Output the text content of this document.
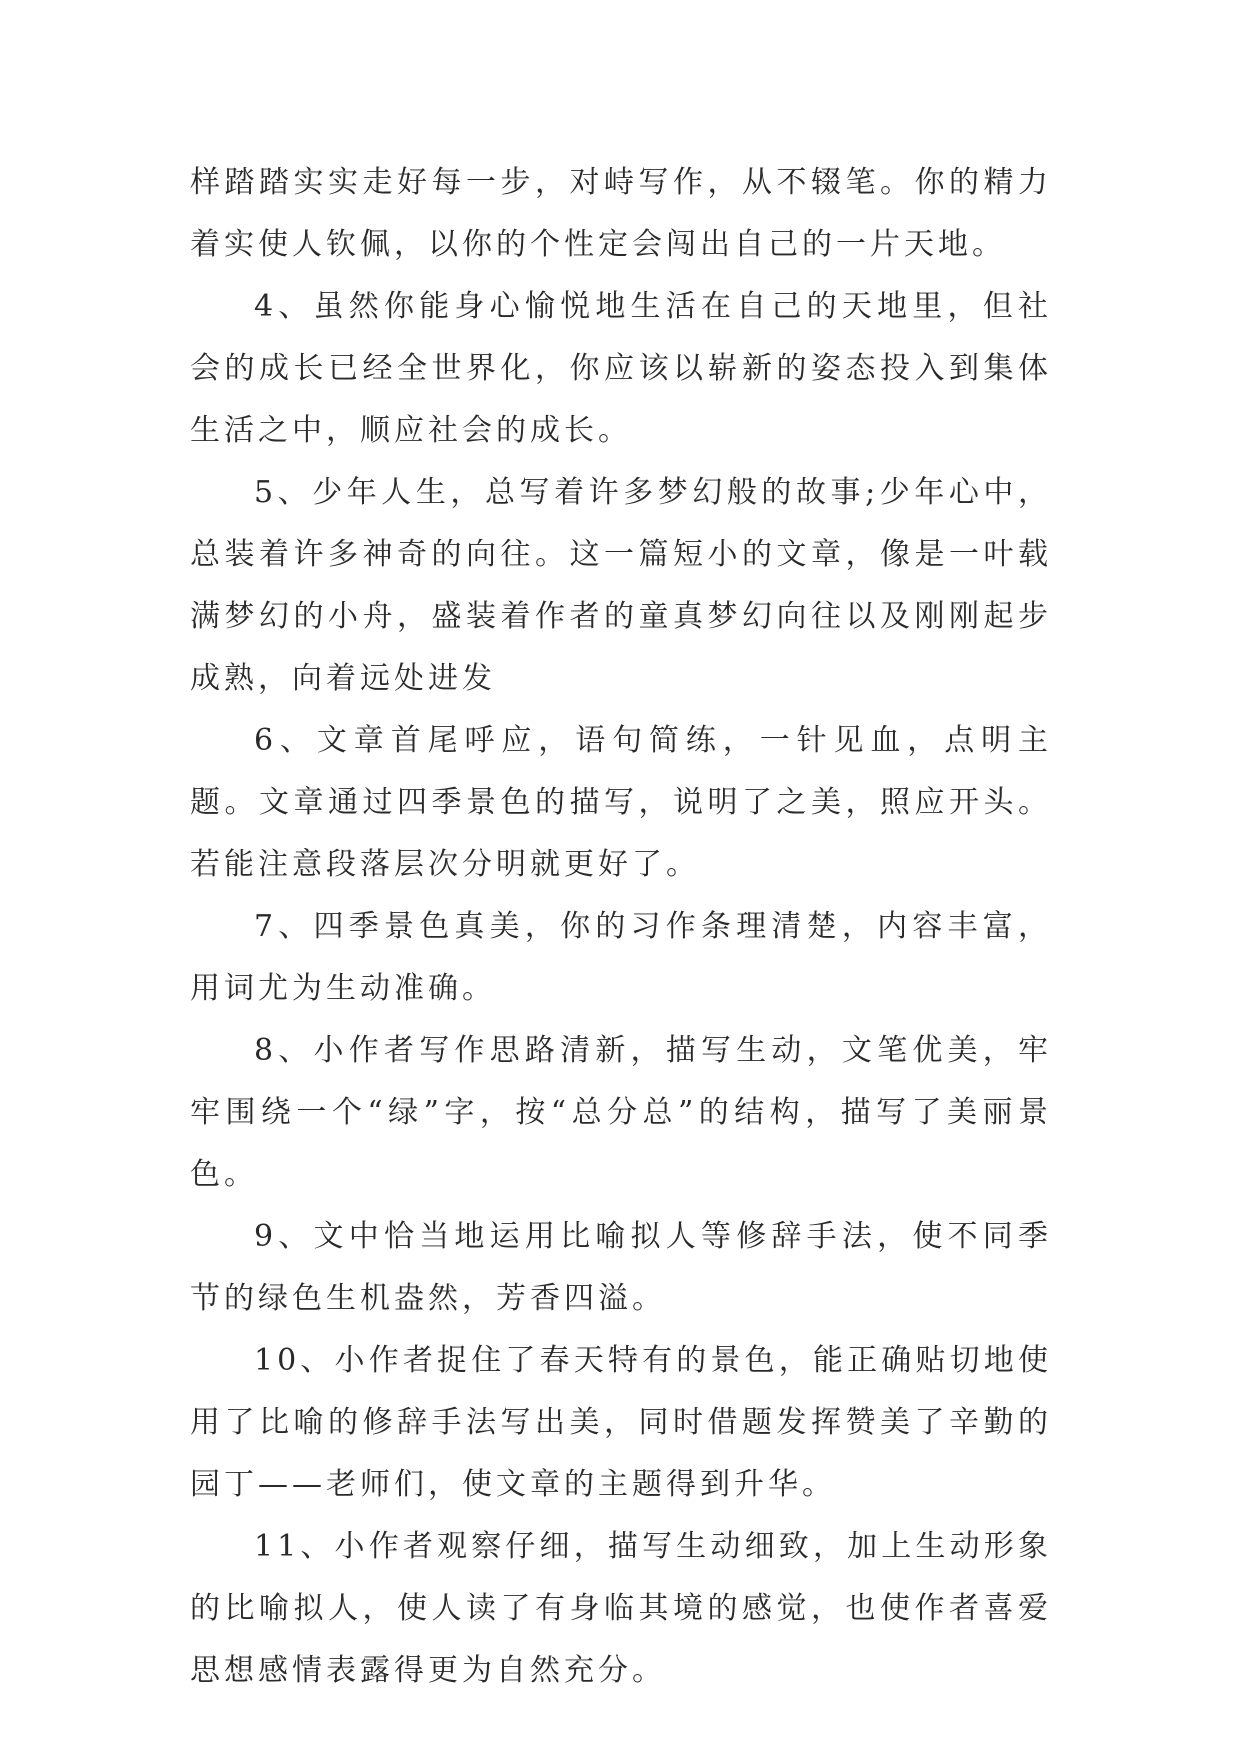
样踏踏实实走好每一步，对峙写作，从不辍笔。你的精力着实使人钦佩，以你的个性定会闯出自己的一片天地。

4、虽然你能身心愉悦地生活在自己的天地里，但社会的成长已经全世界化，你应该以崭新的姿态投入到集体生活之中，顺应社会的成长。

5、少年人生，总写着许多梦幻般的故事;少年心中，总装着许多神奇的向往。这一篇短小的文章，像是一叶载满梦幻的小舟，盛装着作者的童真梦幻向往以及刚刚起步成熟，向着远处进发

6、文章首尾呼应，语句简练，一针见血，点明主题。文章通过四季景色的描写，说明了之美，照应开头。若能注意段落层次分明就更好了。

7、四季景色真美，你的习作条理清楚，内容丰富，用词尤为生动准确。

8、小作者写作思路清新，描写生动，文笔优美，牢牢围绕一个“绿”字，按“总分总”的结构，描写了美丽景色。

9、文中恰当地运用比喻拟人等修辞手法，使不同季节的绿色生机盎然，芳香四溢。

10、小作者捉住了春天特有的景色，能正确贴切地使用了比喻的修辞手法写出美，同时借题发挥赞美了辛勤的园丁——老师们，使文章的主题得到升华。

11、小作者观察仔细，描写生动细致，加上生动形象的比喻拟人，使人读了有身临其境的感觉，也使作者喜爱思想感情表露得更为自然充分。
